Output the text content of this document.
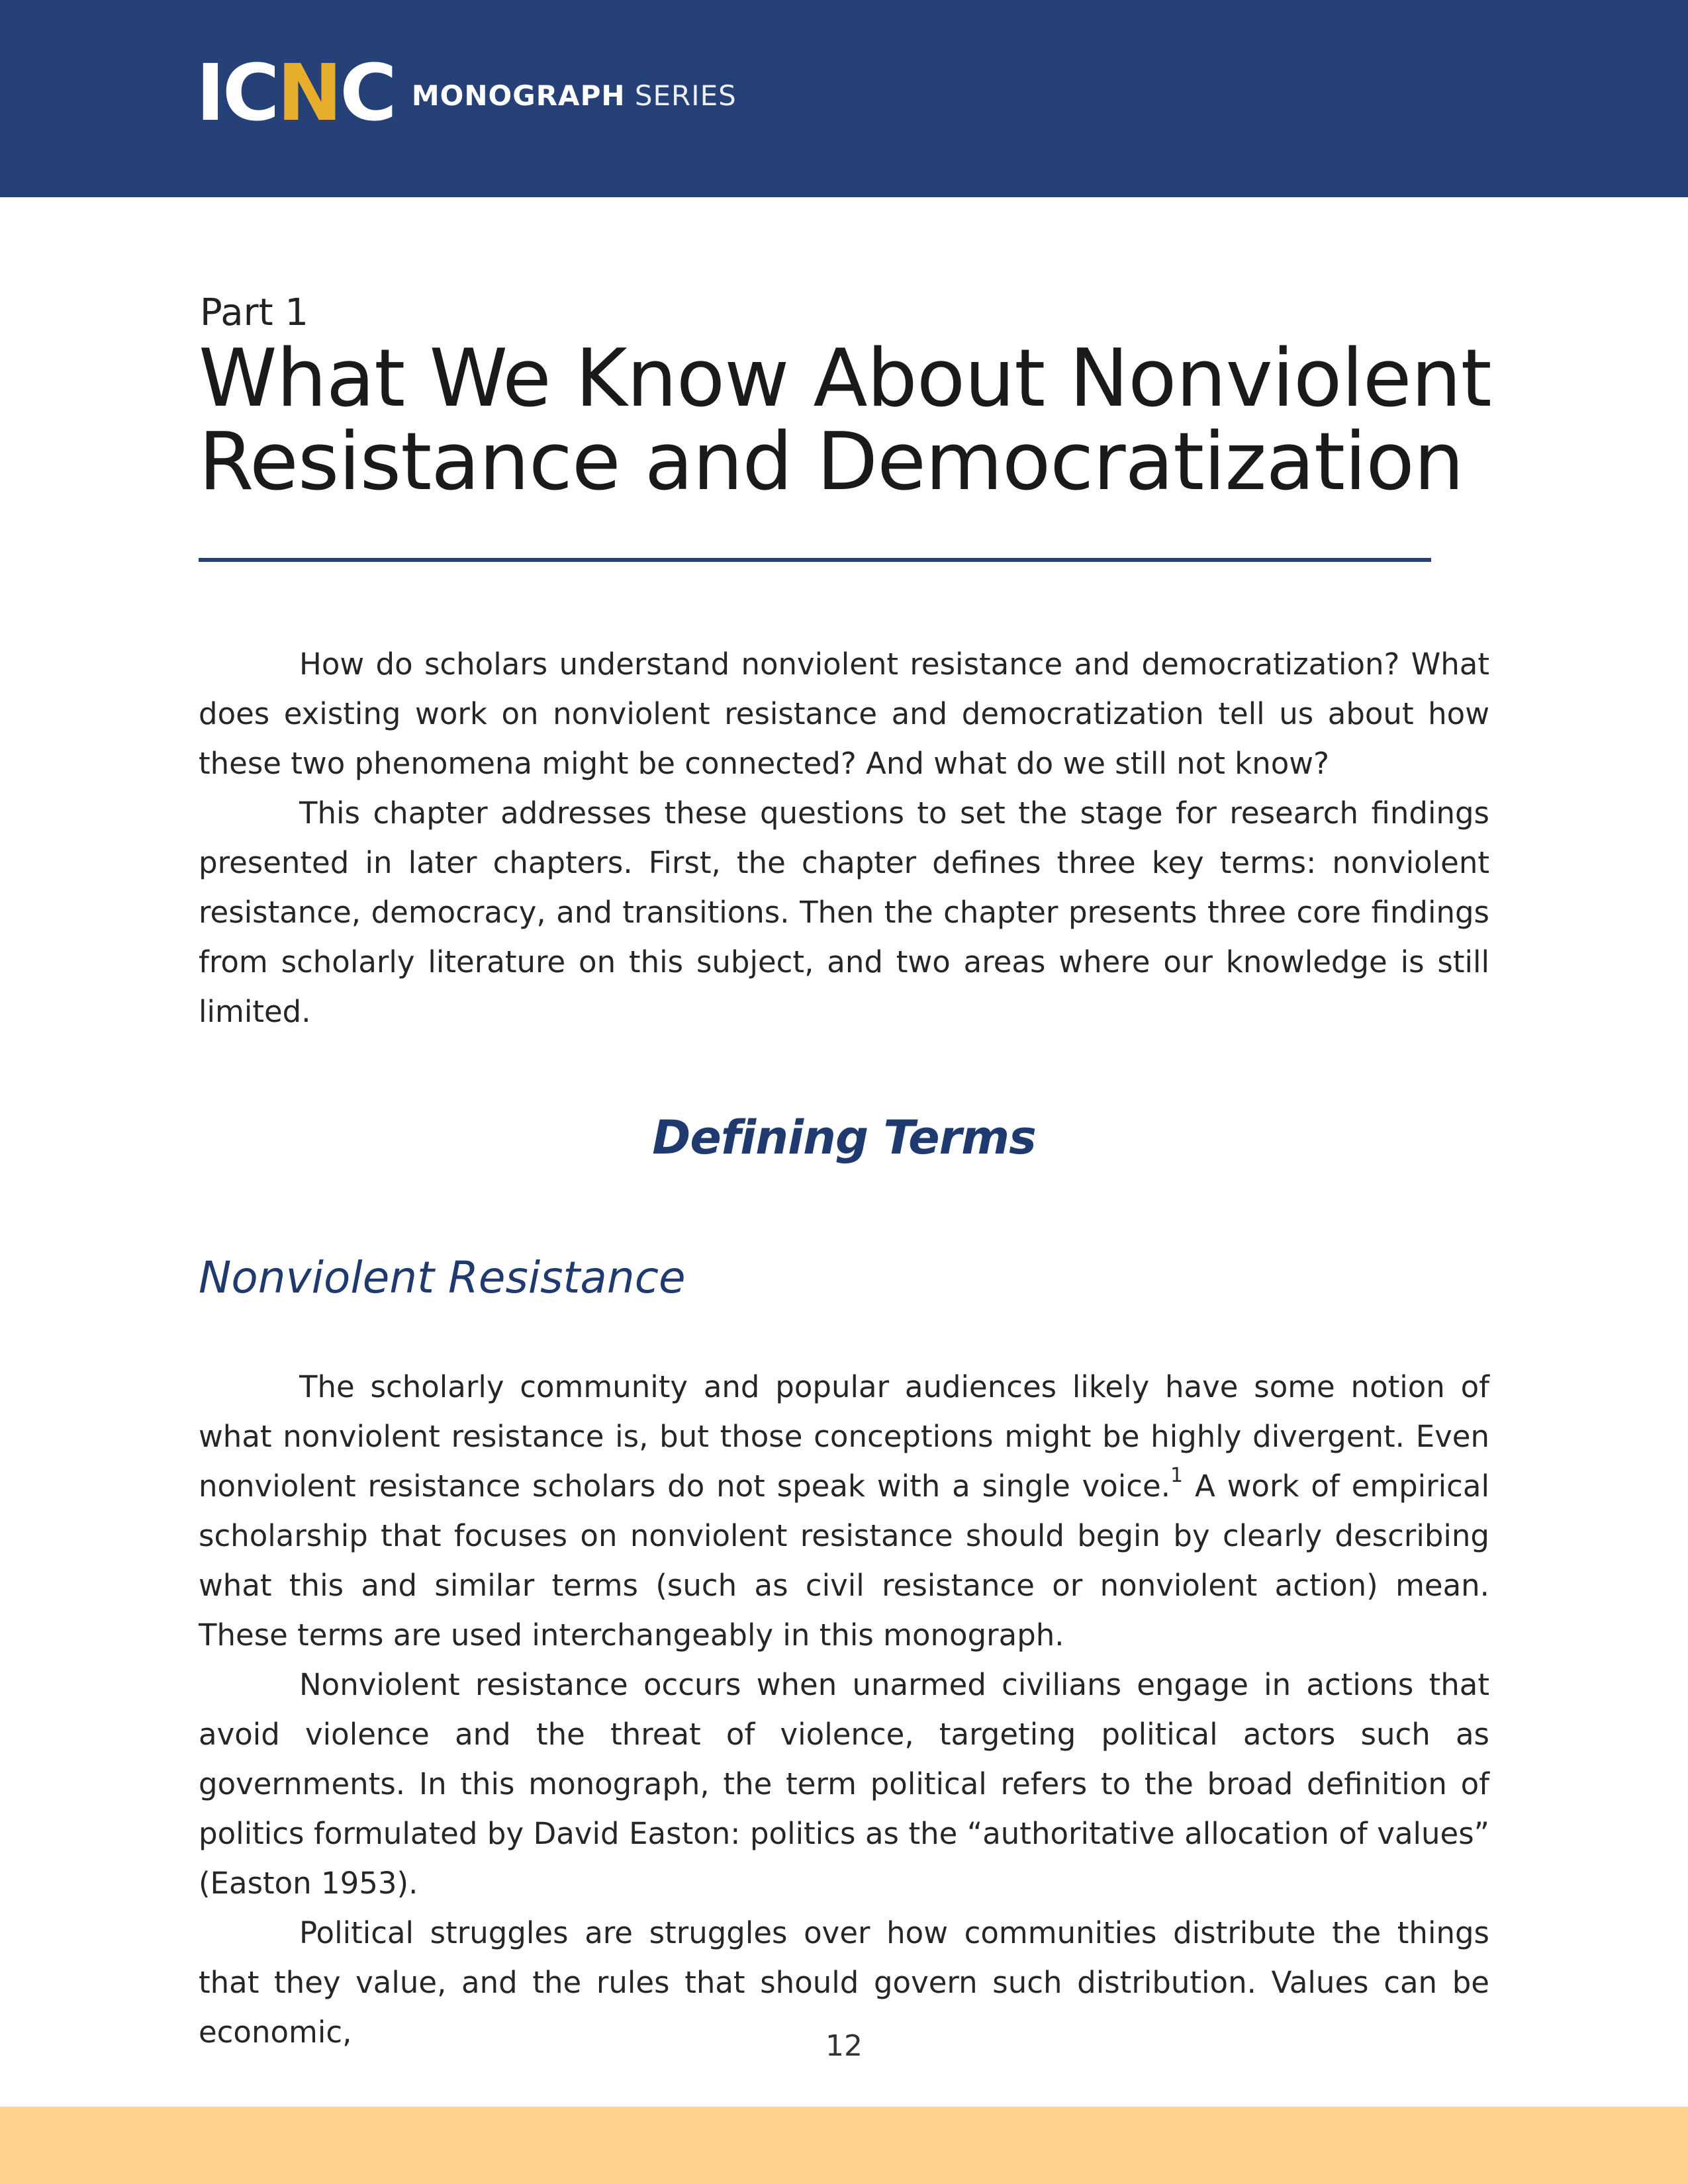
ICNC MONOGRAPH SERIES
Part 1
What We Know About Nonviolent Resistance and Democratization

How do scholars understand nonviolent resistance and democratization? What does existing work on nonviolent resistance and democratization tell us about how these two phenomena might be connected? And what do we still not know?

This chapter addresses these questions to set the stage for research findings presented in later chapters. First, the chapter defines three key terms: nonviolent resistance, democracy, and transitions. Then the chapter presents three core findings from scholarly literature on this subject, and two areas where our knowledge is still limited.

Defining Terms
Nonviolent Resistance

The scholarly community and popular audiences likely have some notion of what nonviolent resistance is, but those conceptions might be highly divergent. Even nonviolent resistance scholars do not speak with a single voice.$^1$ A work of empirical scholarship that focuses on nonviolent resistance should begin by clearly describing what this and similar terms (such as civil resistance or nonviolent action) mean. These terms are used interchangeably in this monograph.

Nonviolent resistance occurs when unarmed civilians engage in actions that avoid violence and the threat of violence, targeting political actors such as governments. In this monograph, the term political refers to the broad definition of politics formulated by David Easton: politics as the “authoritative allocation of values” (Easton 1953).

Political struggles are struggles over how communities distribute the things that they value, and the rules that should govern such distribution. Values can be economic,	12
